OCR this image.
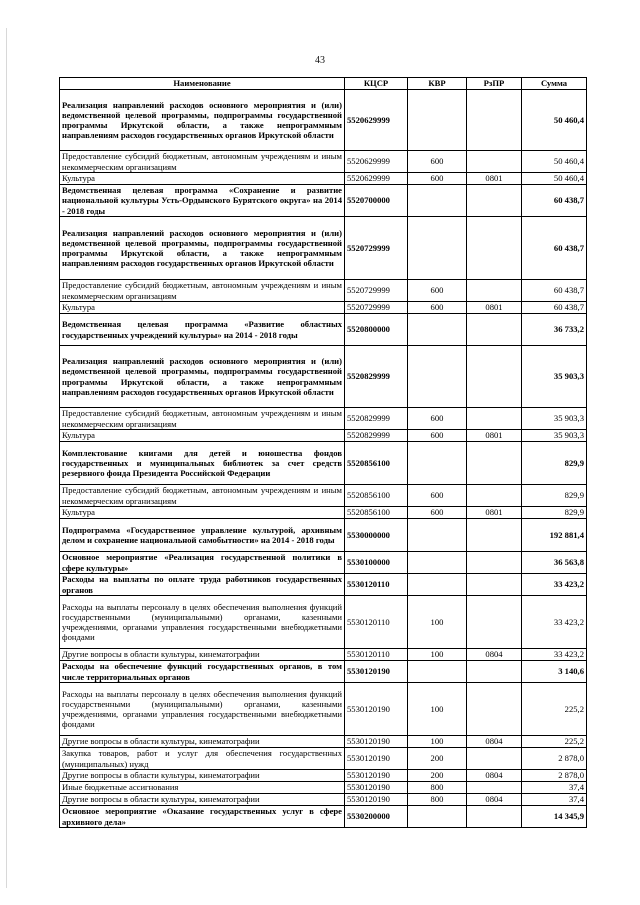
43
Наименование	КЦСР	КВР	РзПР	Сумма
Реализация направлений расходов основного мероприятия и (или) ведомственной целевой программы, подпрограммы государственной программы Иркутской области, а также непрограммным направлениям расходов государственных органов Иркутской области	5520629999			50 460,4
Предоставление субсидий бюджетным, автономным учреждениям и иным некоммерческим организациям	5520629999	600		50 460,4
Культура	5520629999	600	0801	50 460,4
Ведомственная целевая программа «Сохранение и развитие национальной культуры Усть-Ордынского Бурятского округа» на 2014 - 2018 годы	5520700000			60 438,7
Реализация направлений расходов основного мероприятия и (или) ведомственной целевой программы, подпрограммы государственной программы Иркутской области, а также непрограммным направлениям расходов государственных органов Иркутской области	5520729999			60 438,7
Предоставление субсидий бюджетным, автономным учреждениям и иным некоммерческим организациям	5520729999	600		60 438,7
Культура	5520729999	600	0801	60 438,7
Ведомственная целевая программа «Развитие областных государственных учреждений культуры» на 2014 - 2018 годы	5520800000			36 733,2
Реализация направлений расходов основного мероприятия и (или) ведомственной целевой программы, подпрограммы государственной программы Иркутской области, а также непрограммным направлениям расходов государственных органов Иркутской области	5520829999			35 903,3
Предоставление субсидий бюджетным, автономным учреждениям и иным некоммерческим организациям	5520829999	600		35 903,3
Культура	5520829999	600	0801	35 903,3
Комплектование книгами для детей и юношества фондов государственных и муниципальных библиотек за счет средств резервного фонда Президента Российской Федерации	5520856100			829,9
Предоставление субсидий бюджетным, автономным учреждениям и иным некоммерческим организациям	5520856100	600		829,9
Культура	5520856100	600	0801	829,9
Подпрограмма «Государственное управление культурой, архивным делом и сохранение национальной самобытности» на 2014 - 2018 годы	5530000000			192 881,4
Основное мероприятие «Реализация государственной политики в сфере культуры»	5530100000			36 563,8
Расходы на выплаты по оплате труда работников государственных органов	5530120110			33 423,2
Расходы на выплаты персоналу в целях обеспечения выполнения функций государственными (муниципальными) органами, казенными учреждениями, органами управления государственными внебюджетными фондами	5530120110	100		33 423,2
Другие вопросы в области культуры, кинематографии	5530120110	100	0804	33 423,2
Расходы на обеспечение функций государственных органов, в том числе территориальных органов	5530120190			3 140,6
Расходы на выплаты персоналу в целях обеспечения выполнения функций государственными (муниципальными) органами, казенными учреждениями, органами управления государственными внебюджетными фондами	5530120190	100		225,2
Другие вопросы в области культуры, кинематографии	5530120190	100	0804	225,2
Закупка товаров, работ и услуг для обеспечения государственных (муниципальных) нужд	5530120190	200		2 878,0
Другие вопросы в области культуры, кинематографии	5530120190	200	0804	2 878,0
Иные бюджетные ассигнования	5530120190	800		37,4
Другие вопросы в области культуры, кинематографии	5530120190	800	0804	37,4
Основное мероприятие «Оказание государственных услуг в сфере архивного дела»	5530200000			14 345,9
